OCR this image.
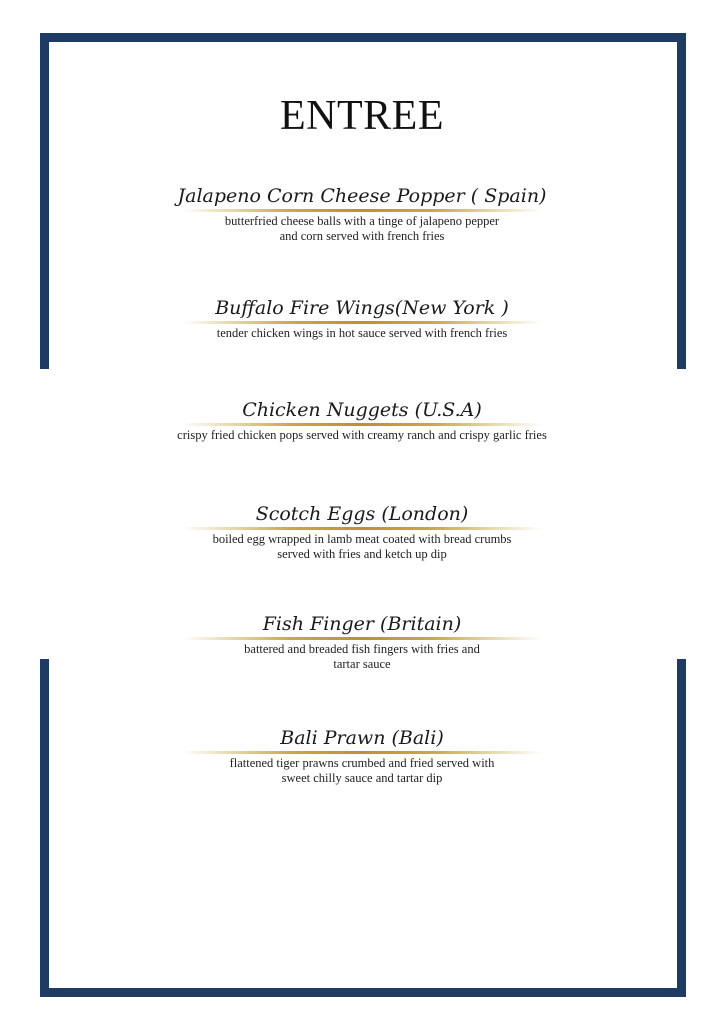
ENTREE
Jalapeno Corn Cheese Popper ( Spain)
butterfried cheese balls with a tinge of jalapeno pepper
and corn served with french fries
Buffalo Fire Wings(New York )
tender chicken wings in hot sauce served with french fries
Chicken Nuggets (U.S.A)
crispy fried chicken pops served with creamy ranch and crispy garlic fries
Scotch Eggs (London)
boiled egg wrapped in lamb meat coated with bread crumbs
served with fries and ketch up dip
Fish Finger (Britain)
battered and breaded fish fingers with fries and
tartar sauce
Bali Prawn (Bali)
flattened tiger prawns crumbed and fried served with
sweet chilly sauce and tartar dip
